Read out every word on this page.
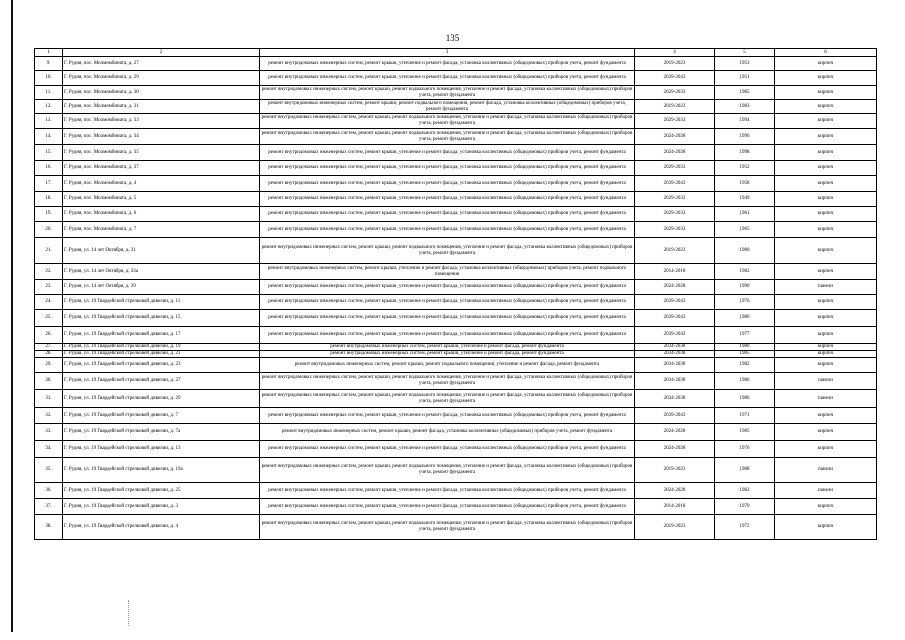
135
1	2	3	4	5	6
9.	Г. Рудня, пос. Молмомбината, д. 27	ремонт внутридомовых инженерных систем, ремонт крыши, утепление и ремонт фасада, установка коллективных (общедомовых) приборов учета, ремонт фундамента	2019-2023	1953	кирпич
10.	Г. Рудня, пос. Молмомбината, д. 29	ремонт внутридомовых инженерных систем, ремонт крыши, утепление и ремонт фасада, установка коллективных (общедомовых) приборов учета, ремонт фундамента	2039-2043	1951	кирпич
11.	Г. Рудня, пос. Молмомбината, д. 30	ремонт внутридомовых инженерных систем, ремонт крыши, ремонт подвального помещения, утепление и ремонт фасада, установка коллективных (общедомовых) приборов учета, ремонт фундамента	2029-2033	1985	кирпич
12.	Г. Рудня, пос. Молмомбината, д. 31	ремонт внутридомовых инженерных систем, ремонт крыши, ремонт подвального помещения, ремонт фасада, установка коллективных (общедомовых) приборов учета, ремонт фундамента	2019-2023	1983	кирпич
13.	Г. Рудня, пос. Молмомбината, д. 33	ремонт внутридомовых инженерных систем, ремонт крыши, ремонт подвального помещения, утепление и ремонт фасада, установка коллективных (общедомовых) приборов учета, ремонт фундамента	2029-2033	1994	кирпич
14.	Г. Рудня, пос. Молмомбината, д. 34	ремонт внутридомовых инженерных систем, ремонт крыши, ремонт подвального помещения, утепление и ремонт фасада, установка коллективных (общедомовых) приборов учета, ремонт фундамента	2024-2028	1996	кирпич
15.	Г. Рудня, пос. Молмомбината, д. 35	ремонт внутридомовых инженерных систем, ремонт крыши, утепление и ремонт фасада, установка коллективных (общедомовых) приборов учета, ремонт фундамента	2024-2028	1998	кирпич
16.	Г. Рудня, пос. Молмомбината, д. 37	ремонт внутридомовых инженерных систем, ремонт крыши, утепление и ремонт фасада, установка коллективных (общедомовых) приборов учета, ремонт фундамента	2029-2033	1952	кирпич
17.	Г. Рудня, пос. Молмомбината, д. 4	ремонт внутридомовых инженерных систем, ремонт крыши, утепление и ремонт фасада, установка коллективных (общедомовых) приборов учета, ремонт фундамента	2039-2043	1958	кирпич
18.	Г. Рудня, пос. Молмомбината, д. 5	ремонт внутридомовых инженерных систем, ремонт крыши, утепление и ремонт фасада, установка коллективных (общедомовых) приборов учета, ремонт фундамента	2029-2033	1949	кирпич
19.	Г. Рудня, пос. Молмомбината, д. 6	ремонт внутридомовых инженерных систем, ремонт крыши, утепление и ремонт фасада, установка коллективных (общедомовых) приборов учета, ремонт фундамента	2029-2033	1961	кирпич
20.	Г. Рудня, пос. Молмомбината, д. 7	ремонт внутридомовых инженерных систем, ремонт крыши, утепление и ремонт фасада, установка коллективных (общедомовых) приборов учета, ремонт фундамента	2029-2033	1965	кирпич
21.	Г. Рудня, ул. 14 лет Октября, д. 31	ремонт внутридомовых инженерных систем, ремонт крыши, ремонт подвального помещения, утепление и ремонт фасада, установка коллективных (общедомовых) приборов учета, ремонт фундамента	2019-2023	1980	кирпич
22.	Г. Рудня, ул. 14 лет Октября, д. 33а	ремонт внутридомовых инженерных систем, ремонт крыши, утепление и ремонт фасада, установка коллективных (общедомовых) приборов учета, ремонт подвального помещения	2014-2018	1982	кирпич
23.	Г. Рудня, ул. 14 лет Октября, д. 39	ремонт внутридомовых инженерных систем, ремонт крыши, утепление и ремонт фасада, установка коллективных (общедомовых) приборов учета, ремонт фундамента	2024-2028	1990	панели
24.	Г. Рудня, ул. 19 Гвардейской стрелковой дивизии, д. 11	ремонт внутридомовых инженерных систем, ремонт крыши, утепление и ремонт фасада, установка коллективных (общедомовых) приборов учета, ремонт фундамента	2039-2043	1976	кирпич
25.	Г. Рудня, ул. 19 Гвардейской стрелковой дивизии, д. 15	ремонт внутридомовых инженерных систем, ремонт крыши, утепление и ремонт фасада, установка коллективных (общедомовых) приборов учета, ремонт фундамента	2039-2043	1980	кирпич
26.	Г. Рудня, ул. 19 Гвардейской стрелковой дивизии, д. 17	ремонт внутридомовых инженерных систем, ремонт крыши, утепление и ремонт фасада, установка коллективных (общедомовых) приборов учета, ремонт фундамента	2039-2043	1977	кирпич
27.	Г. Рудня, ул. 19 Гвардейской стрелковой дивизии, д. 19	ремонт внутридомовых инженерных систем, ремонт крыши, утепление и ремонт фасада, ремонт фундамента	2034-2038	1980	кирпич
28.	Г. Рудня, ул. 19 Гвардейской стрелковой дивизии, д. 21	ремонт внутридомовых инженерных систем, ремонт крыши, утепление и ремонт фасада, ремонт фундамента	2034-2038	1985	кирпич
29.	Г. Рудня, ул. 19 Гвардейской стрелковой дивизии, д. 23	ремонт внутридомовых инженерных систем, ремонт крыши, ремонт подвального помещения, утепление и ремонт фасада, ремонт фундамента	2034-2038	1982	кирпич
30.	Г. Рудня, ул. 19 Гвардейской стрелковой дивизии, д. 27	ремонт внутридомовых инженерных систем, ремонт крыши, ремонт подвального помещения, утепление и ремонт фасада, установка коллективных (общедомовых) приборов учета, ремонт фундамента	2034-2038	1986	панели
31.	Г. Рудня, ул. 19 Гвардейской стрелковой дивизии, д. 29	ремонт внутридомовых инженерных систем, ремонт крыши, ремонт подвального помещения, утепление и ремонт фасада, установка коллективных (общедомовых) приборов учета, ремонт фундамента	2034-2038	1986	панели
32.	Г. Рудня, ул. 19 Гвардейской стрелковой дивизии, д. 7	ремонт внутридомовых инженерных систем, ремонт крыши, утепление и ремонт фасада, установка коллективных (общедомовых) приборов учета, ремонт фундамента	2039-2043	1971	кирпич
33.	Г. Рудня, ул. 19 Гвардейской стрелковой дивизии, д. 7а	ремонт внутридомовых инженерных систем, ремонт крыши, ремонт фасада, установка коллективных (общедомовых) приборов учета, ремонт фундамента	2024-2028	1985	кирпич
34.	Г. Рудня, ул. 19 Гвардейской стрелковой дивизии, д. 13	ремонт внутридомовых инженерных систем, ремонт крыши, утепление и ремонт фасада, установка коллективных (общедомовых) приборов учета, ремонт фундамента	2024-2028	1976	кирпич
35.	Г. Рудня, ул. 19 Гвардейской стрелковой дивизии, д. 19а	ремонт внутридомовых инженерных систем, ремонт крыши, ремонт подвального помещения, утепление и ремонт фасада, установка коллективных (общедомовых) приборов учета, ремонт фундамента	2019-2023	1988	панели
36.	Г. Рудня, ул. 19 Гвардейской стрелковой дивизии, д. 25	ремонт внутридомовых инженерных систем, ремонт крыши, утепление и ремонт фасада, установка коллективных (общедомовых) приборов учета, ремонт фундамента	2024-2028	1982	панели
37.	Г. Рудня, ул. 19 Гвардейской стрелковой дивизии, д. 3	ремонт внутридомовых инженерных систем, ремонт крыши, утепление и ремонт фасада, установка коллективных (общедомовых) приборов учета, ремонт фундамента	2014-2018	1970	кирпич
38.	Г. Рудня, ул. 19 Гвардейской стрелковой дивизии, д. 4	ремонт внутридомовых инженерных систем, ремонт крыши, ремонт подвального помещения, утепление и ремонт фасада, установка коллективных (общедомовых) приборов учета, ремонт фундамента	2019-2023	1972	кирпич
